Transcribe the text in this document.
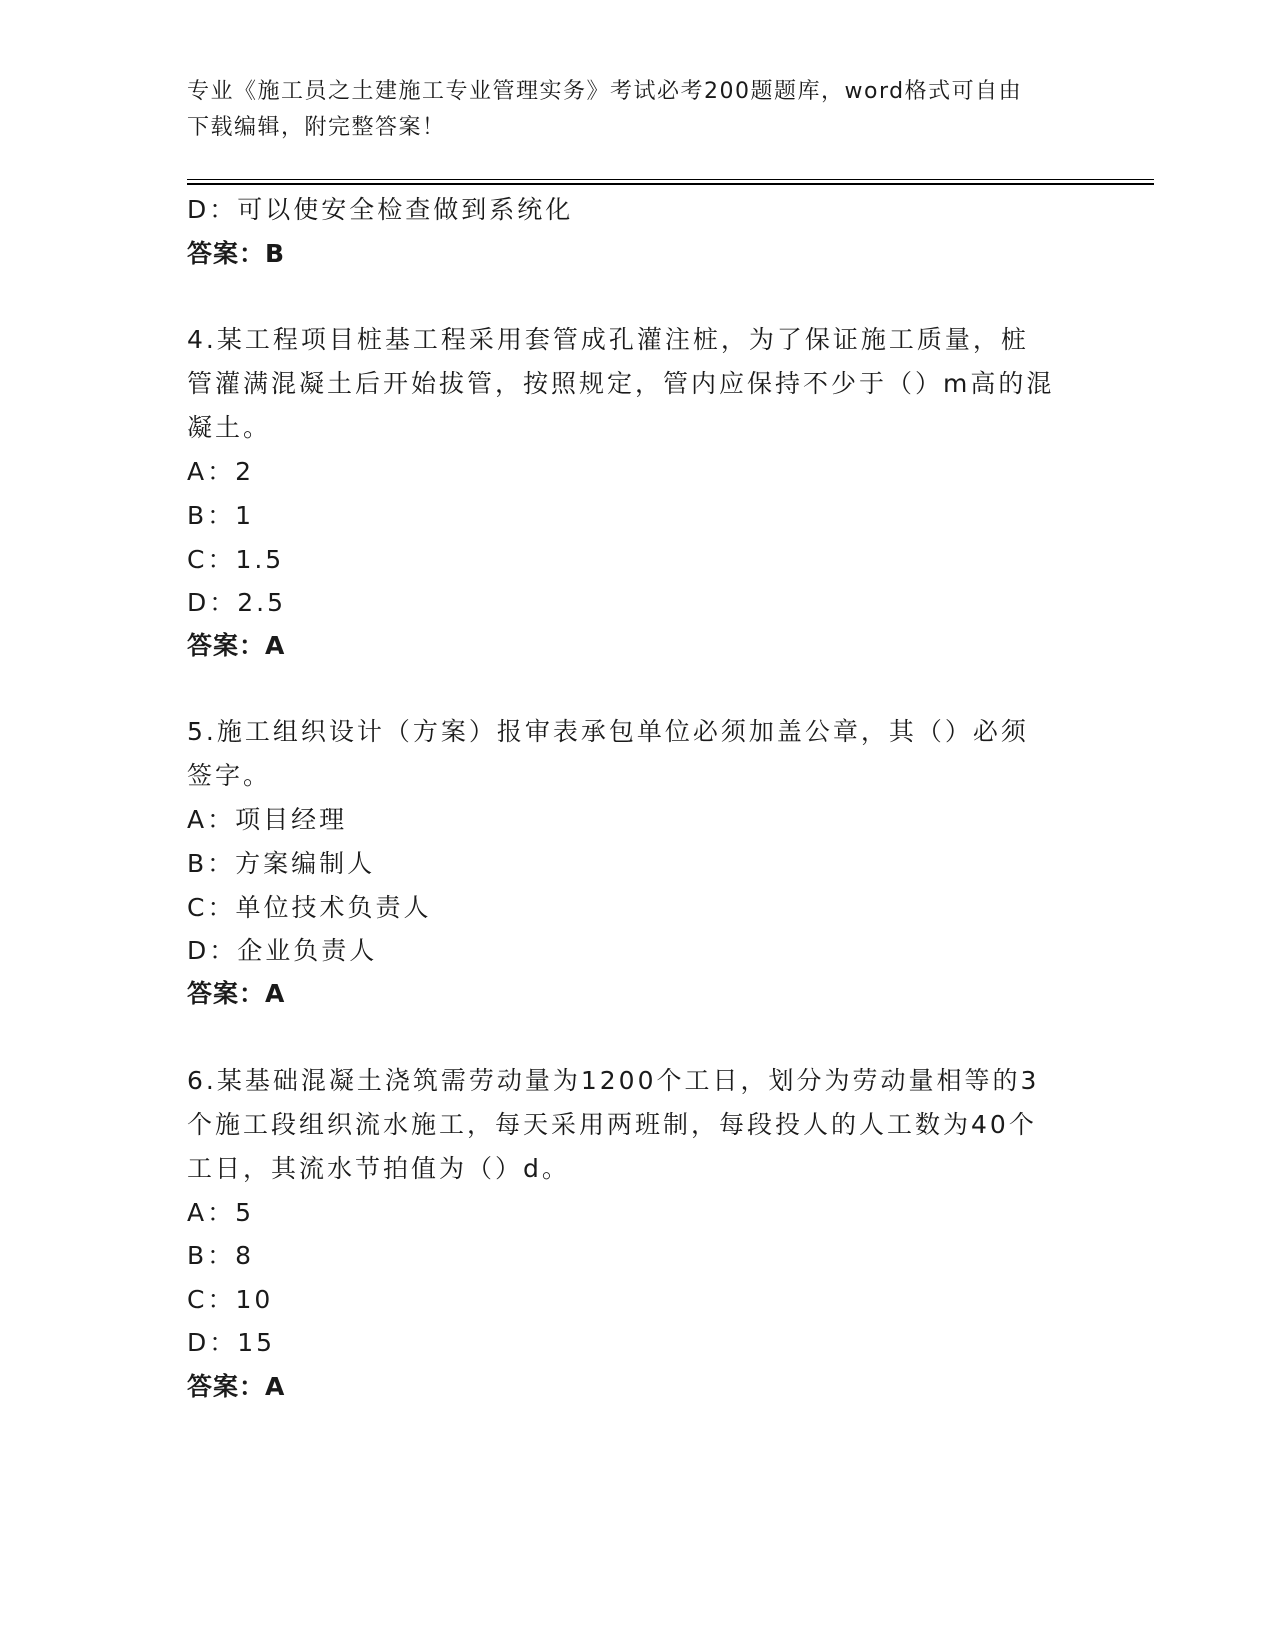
专业《施工员之土建施工专业管理实务》考试必考200题题库，word格式可自由
下载编辑，附完整答案！
D：可以使安全检查做到系统化
答案：B
4.某工程项目桩基工程采用套管成孔灌注桩，为了保证施工质量，桩
管灌满混凝土后开始拔管，按照规定，管内应保持不少于（）m高的混
凝土。
A：2
B：1
C：1.5
D：2.5
答案：A
5.施工组织设计（方案）报审表承包单位必须加盖公章，其（）必须
签字。
A：项目经理
B：方案编制人
C：单位技术负责人
D：企业负责人
答案：A
6.某基础混凝土浇筑需劳动量为1200个工日，划分为劳动量相等的3
个施工段组织流水施工，每天采用两班制，每段投人的人工数为40个
工日，其流水节拍值为（）d。
A：5
B：8
C：10
D：15
答案：A
